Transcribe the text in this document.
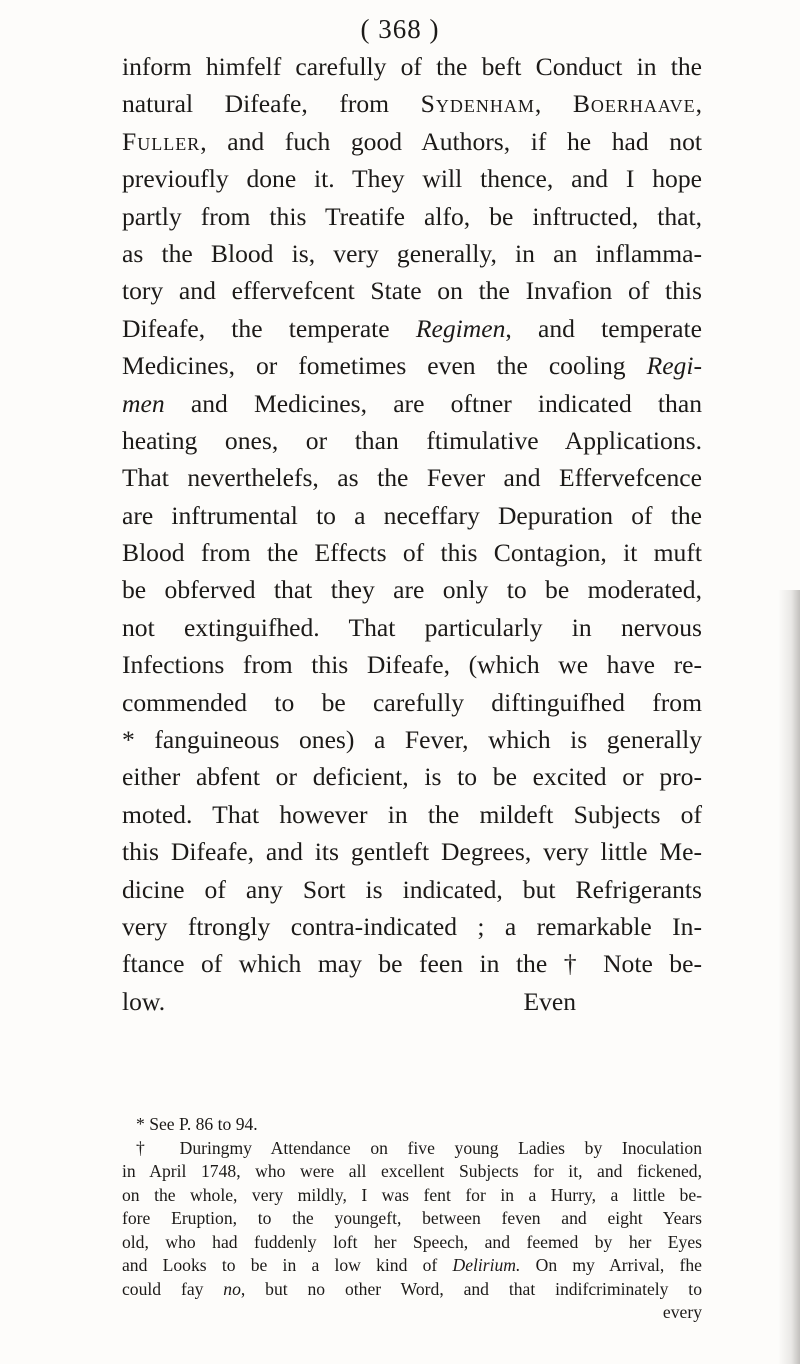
( 368 )
inform himfelf carefully of the beft Conduct in the
natural Difeafe, from Sydenham, Boerhaave,
Fuller, and fuch good Authors, if he had not
previoufly done it. They will thence, and I hope
partly from this Treatife alfo, be inftructed, that,
as the Blood is, very generally, in an inflamma-
tory and effervefcent State on the Invafion of this
Difeafe, the temperate Regimen, and temperate
Medicines, or fometimes even the cooling Regi-
men and Medicines, are oftner indicated than
heating ones, or than ftimulative Applications.
That neverthelefs, as the Fever and Effervefcence
are inftrumental to a neceffary Depuration of the
Blood from the Effects of this Contagion, it muft
be obferved that they are only to be moderated,
not extinguifhed. That particularly in nervous
Infections from this Difeafe, (which we have re-
commended to be carefully diftinguifhed from
* fanguineous ones) a Fever, which is generally
either abfent or deficient, is to be excited or pro-
moted. That however in the mildeft Subjects of
this Difeafe, and its gentleft Degrees, very little Me-
dicine of any Sort is indicated, but Refrigerants
very ftrongly contra-indicated ; a remarkable In-
ftance of which may be feen in the † Note be-
low.                                                        Even
* See P. 86 to 94.
† Duringmy Attendance on five young Ladies by Inoculation
in April 1748, who were all excellent Subjects for it, and fickened,
on the whole, very mildly, I was fent for in a Hurry, a little be-
fore Eruption, to the youngeft, between feven and eight Years
old, who had fuddenly loft her Speech, and feemed by her Eyes
and Looks to be in a low kind of Delirium. On my Arrival, fhe
could fay no, but no other Word, and that indifcriminately to
every
